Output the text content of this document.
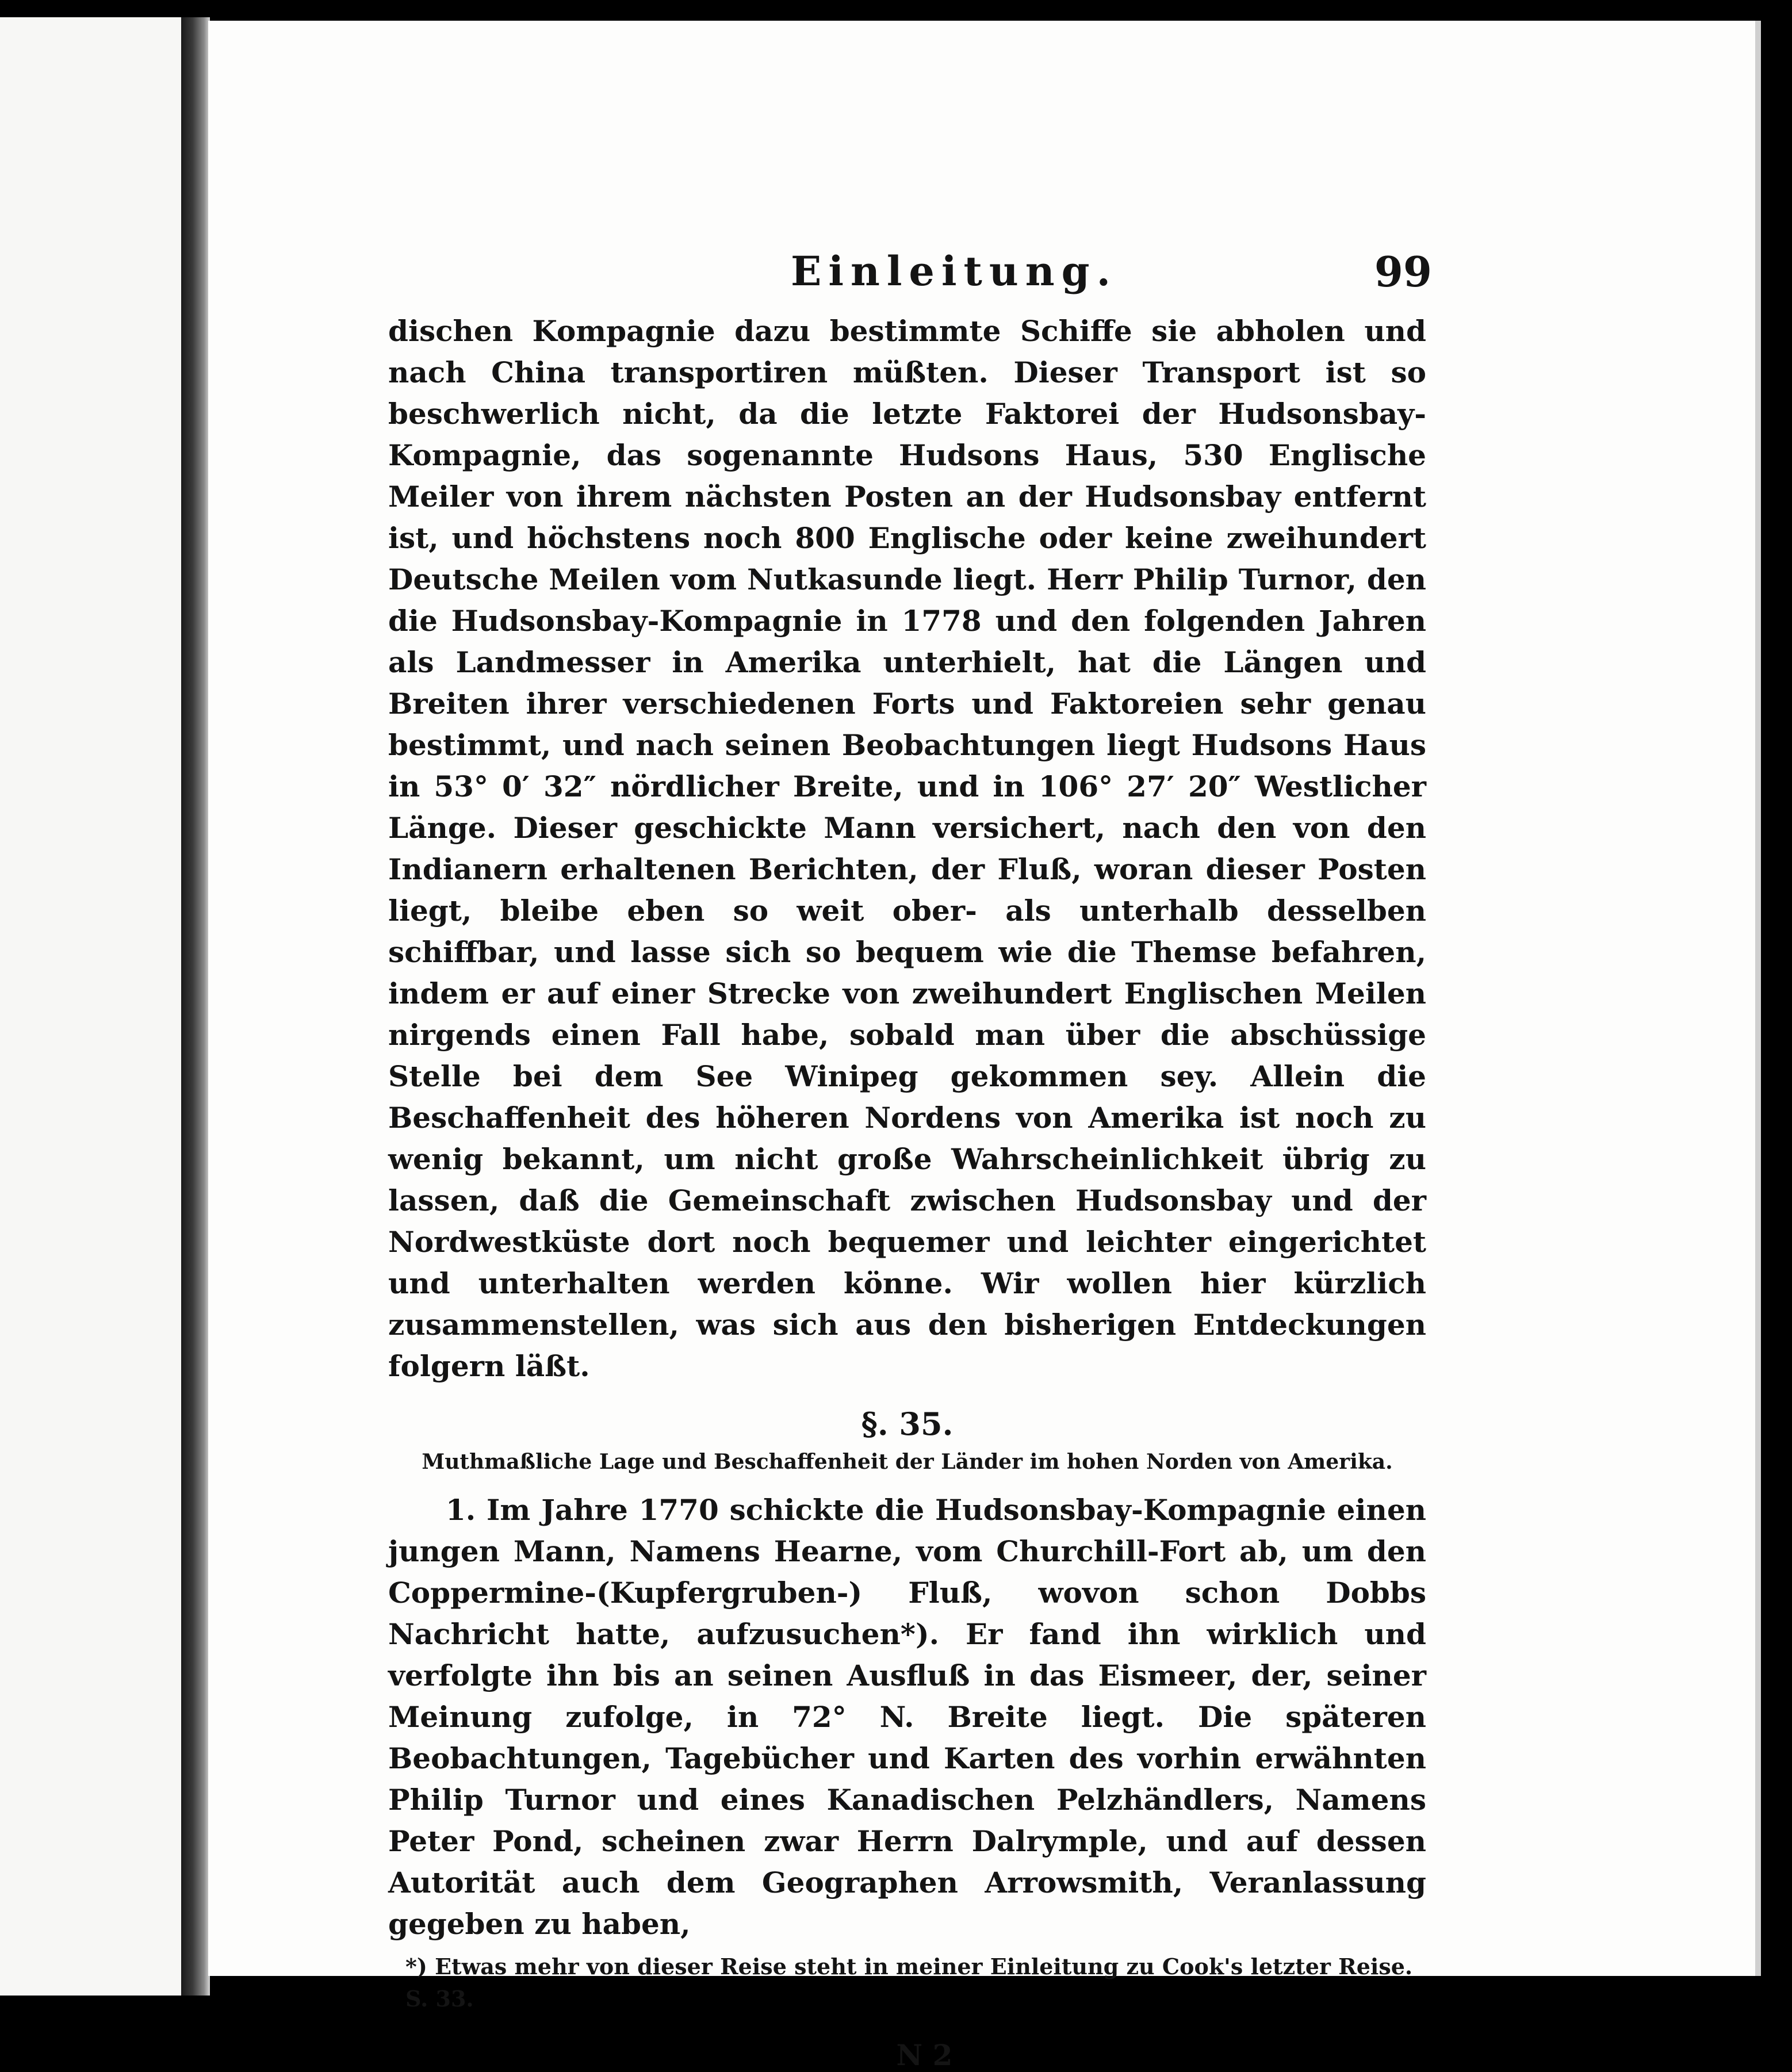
Einleitung.	99

dischen Kompagnie dazu bestimmte Schiffe sie abholen und nach China transportiren müßten. Dieser Transport ist so beschwerlich nicht, da die letzte Faktorei der Hudsonsbay-Kompagnie, das sogenannte Hudsons Haus, 530 Englische Meiler von ihrem nächsten Posten an der Hudsonsbay entfernt ist, und höchstens noch 800 Englische oder keine zweihundert Deutsche Meilen vom Nutkasunde liegt. Herr Philip Turnor, den die Hudsonsbay-Kompagnie in 1778 und den folgenden Jahren als Landmesser in Amerika unterhielt, hat die Längen und Breiten ihrer verschiedenen Forts und Faktoreien sehr genau bestimmt, und nach seinen Beobachtungen liegt Hudsons Haus in 53° 0′ 32″ nördlicher Breite, und in 106° 27′ 20″ Westlicher Länge. Dieser geschickte Mann versichert, nach den von den Indianern erhaltenen Berichten, der Fluß, woran dieser Posten liegt, bleibe eben so weit ober- als unterhalb desselben schiffbar, und lasse sich so bequem wie die Themse befahren, indem er auf einer Strecke von zweihundert Englischen Meilen nirgends einen Fall habe, sobald man über die abschüssige Stelle bei dem See Winipeg gekommen sey. Allein die Beschaffenheit des höheren Nordens von Amerika ist noch zu wenig bekannt, um nicht große Wahrscheinlichkeit übrig zu lassen, daß die Gemeinschaft zwischen Hudsonsbay und der Nordwestküste dort noch bequemer und leichter eingerichtet und unterhalten werden könne. Wir wollen hier kürzlich zusammenstellen, was sich aus den bisherigen Entdeckungen folgern läßt.

§. 35.
Muthmaßliche Lage und Beschaffenheit der Länder im hohen Norden von Amerika.

1. Im Jahre 1770 schickte die Hudsonsbay-Kompagnie einen jungen Mann, Namens Hearne, vom Churchill-Fort ab, um den Coppermine-(Kupfergruben-) Fluß, wovon schon Dobbs Nachricht hatte, aufzusuchen*). Er fand ihn wirklich und verfolgte ihn bis an seinen Ausfluß in das Eismeer, der, seiner Meinung zufolge, in 72° N. Breite liegt. Die späteren Beobachtungen, Tagebücher und Karten des vorhin erwähnten Philip Turnor und eines Kanadischen Pelzhändlers, Namens Peter Pond, scheinen zwar Herrn Dalrymple, und auf dessen Autorität auch dem Geographen Arrowsmith, Veranlassung gegeben zu haben,

*) Etwas mehr von dieser Reise steht in meiner Einleitung zu Cook's letzter Reise. S. 33.
N 2
